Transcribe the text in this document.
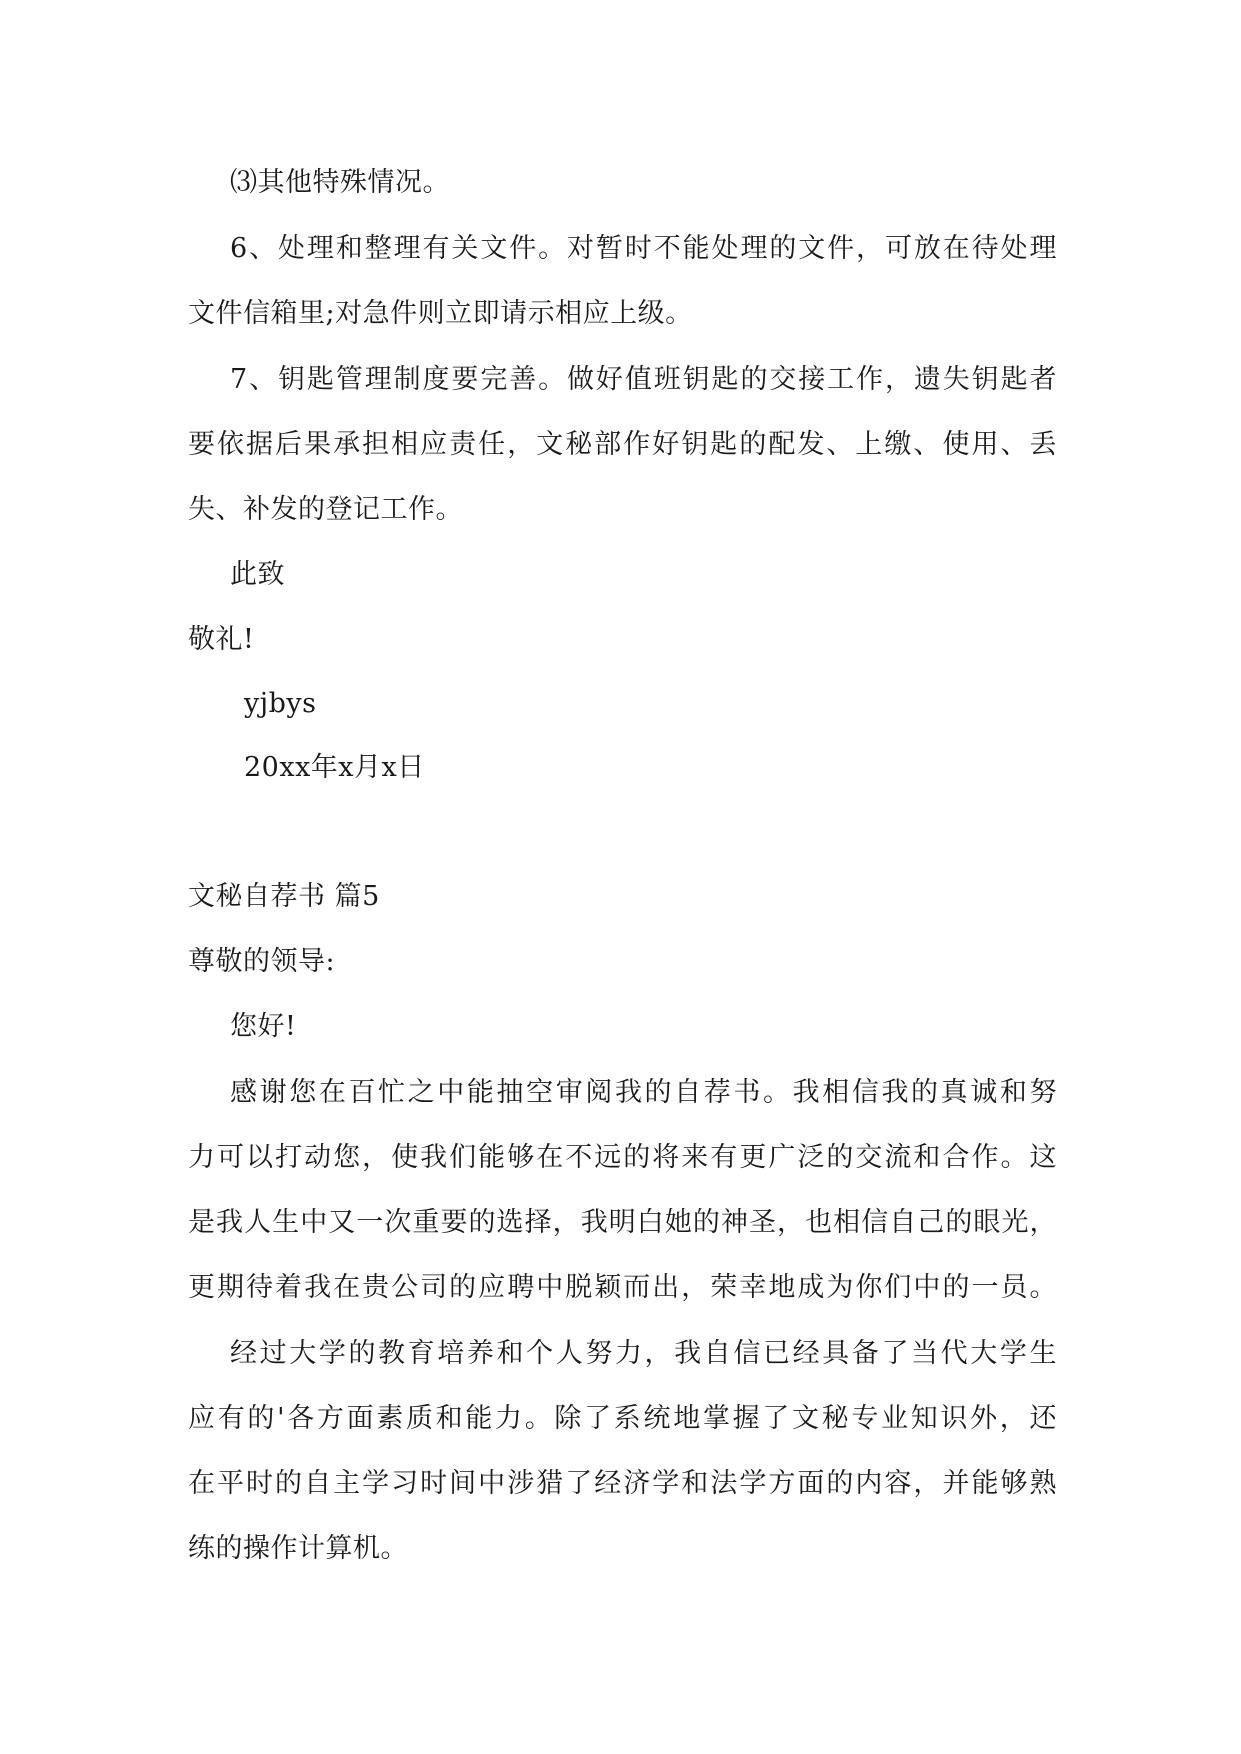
⑶其他特殊情况。
6、处理和整理有关文件。对暂时不能处理的文件，可放在待处理
文件信箱里;对急件则立即请示相应上级。
7、钥匙管理制度要完善。做好值班钥匙的交接工作，遗失钥匙者
要依据后果承担相应责任，文秘部作好钥匙的配发、上缴、使用、丢
失、补发的登记工作。
此致
敬礼!
yjbys
20xx年x月x日
文秘自荐书 篇5
尊敬的领导:
您好!
感谢您在百忙之中能抽空审阅我的自荐书。我相信我的真诚和努
力可以打动您，使我们能够在不远的将来有更广泛的交流和合作。这
是我人生中又一次重要的选择，我明白她的神圣，也相信自己的眼光，
更期待着我在贵公司的应聘中脱颖而出，荣幸地成为你们中的一员。
经过大学的教育培养和个人努力，我自信已经具备了当代大学生
应有的'各方面素质和能力。除了系统地掌握了文秘专业知识外，还
在平时的自主学习时间中涉猎了经济学和法学方面的内容，并能够熟
练的操作计算机。
